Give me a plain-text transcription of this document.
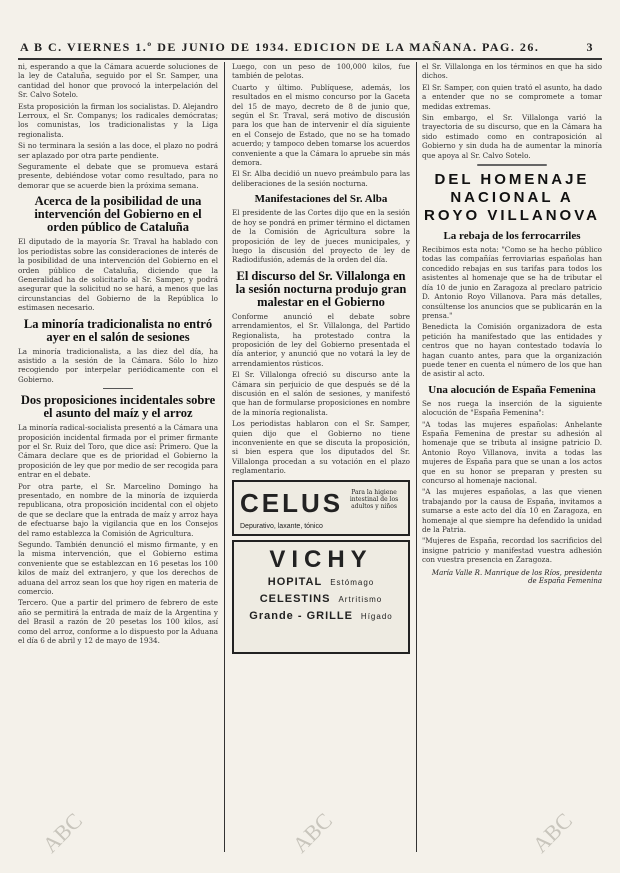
A B C. VIERNES 1.º DE JUNIO DE 1934. EDICION DE LA MAÑANA. PAG. 26.	3

ni, esperando a que la Cámara acuerde soluciones de la ley de Cataluña, seguido por el Sr. Samper, una cantidad del honor que provocó la interpelación del Sr. Calvo Sotelo.

Esta proposición la firman los socialistas. D. Alejandro Lerroux, el Sr. Companys; los radicales demócratas; los comunistas, los tradicionalistas y la Liga regionalista.

Si no terminara la sesión a las doce, el plazo no podrá ser aplazado por otra parte pendiente.

Seguramente el debate que se promueva estará presente, debiéndose votar como resultado, para no demorar que se acuerde bien la próxima semana.

Acerca de la posibilidad de una intervención del Gobierno en el orden público de Cataluña

El diputado de la mayoría Sr. Traval ha hablado con los periodistas sobre las consideraciones de interés de la posibilidad de una intervención del Gobierno en el orden público de Cataluña, diciendo que la Generalidad ha de solicitarlo al Sr. Samper, y podrá asegurar que la solicitud no se hará, a menos que las circunstancias del Gobierno de la República lo estimasen necesario.

La minoría tradicionalista no entró ayer en el salón de sesiones

La minoría tradicionalista, a las diez del día, ha asistido a la sesión de la Cámara. Sólo lo hizo recogiendo por interpelar periódicamente con el Gobierno.

Dos proposiciones incidentales sobre el asunto del maíz y el arroz

La minoría radical-socialista presentó a la Cámara una proposición incidental firmada por el primer firmante por el Sr. Ruiz del Toro, que dice así: Primero. Que la Cámara declare que es de prioridad el Gobierno la proposición de ley que por medio de ser recogida para entrar en el debate.

Por otra parte, el Sr. Marcelino Domingo ha presentado, en nombre de la minoría de izquierda republicana, otra proposición incidental con el objeto de que se declare que la entrada de maíz y arroz haya de efectuarse bajo la vigilancia que en los Consejos del ramo establezca la Comisión de Agricultura.

Segundo. También denunció el mismo firmante, y en la misma intervención, que el Gobierno estima conveniente que se establezcan en 16 pesetas los 100 kilos de maíz del extranjero, y que los derechos de aduana del arroz sean los que hoy rigen en materia de comercio.

Tercero. Que a partir del primero de febrero de este año se permitirá la entrada de maíz de la Argentina y del Brasil a razón de 20 pesetas los 100 kilos, así como del arroz, conforme a lo dispuesto por la Aduana el día 6 de abril y 12 de mayo de 1934.

Luego, con un peso de 100,000 kilos, fue también de pelotas.

Cuarto y último. Publíquese, además, los resultados en el mismo concurso por la Gaceta del 15 de mayo, decreto de 8 de junio que, según el Sr. Traval, será motivo de discusión para los que han de intervenir el día siguiente en el Consejo de Estado, que no se ha tomado acuerdo; y tampoco deben tomarse los acuerdos conveniente a que la Cámara lo apruebe sin más demora.

El Sr. Alba decidió un nuevo preámbulo para las deliberaciones de la sesión nocturna.

Manifestaciones del Sr. Alba

El presidente de las Cortes dijo que en la sesión de hoy se pondrá en primer término el dictamen de la Comisión de Agricultura sobre la proposición de ley de jueces municipales, y luego la discusión del proyecto de ley de Radiodifusión, además de la orden del día.

El discurso del Sr. Villalonga en la sesión nocturna produjo gran malestar en el Gobierno

Conforme anunció el debate sobre arrendamientos, el Sr. Villalonga, del Partido Regionalista, ha protestado contra la proposición de ley del Gobierno presentada el día anterior, y anunció que no votará la ley de arrendamientos rústicos.

El Sr. Villalonga ofreció su discurso ante la Cámara sin perjuicio de que después se dé la discusión en el salón de sesiones, y manifestó que han de formularse proposiciones en nombre de la minoría regionalista.

Los periodistas hablaron con el Sr. Samper, quien dijo que el Gobierno no tiene inconveniente en que se discuta la proposición, si bien espera que los diputados del Sr. Villalonga procedan a su votación en el plazo reglamentario.

CELUS	Para la higiene intestinal de los adultos y niños
Depurativo, laxante, tónico
VICHY
HOPITAL Estómago
CELESTINS Artritismo
Grande - GRILLE Hígado

el Sr. Villalonga en los términos en que ha sido dichos.

El Sr. Samper, con quien trató el asunto, ha dado a entender que no se compromete a tomar medidas extremas.

Sin embargo, el Sr. Villalonga varió la trayectoria de su discurso, que en la Cámara ha sido estimado como en contraposición al Gobierno y sin duda ha de aumentar la minoría que apoya al Sr. Calvo Sotelo.

DEL HOMENAJE NACIONAL A ROYO VILLANOVA
La rebaja de los ferrocarriles

Recibimos esta nota: "Como se ha hecho público todas las compañías ferroviarias españolas han concedido rebajas en sus tarifas para todos los asistentes al homenaje que se ha de tributar el día 10 de junio en Zaragoza al preclaro patricio D. Antonio Royo Villanova. Para más detalles, consúltense los anuncios que se publicarán en la prensa."

Benedicta la Comisión organizadora de esta petición ha manifestado que las entidades y centros que no hayan contestado todavía lo hagan cuanto antes, para que la organización puede tener en cuenta el número de los que han de asistir al acto.

Una alocución de España Femenina

Se nos ruega la inserción de la siguiente alocución de "España Femenina":

"A todas las mujeres españolas: Anhelante España Femenina de prestar su adhesión al homenaje que se tributa al insigne patricio D. Antonio Royo Villanova, invita a todas las mujeres de España para que se unan a los actos que en su honor se preparan y presten su concurso al homenaje nacional.

"A las mujeres españolas, a las que vienen trabajando por la causa de España, invitamos a sumarse a este acto del día 10 en Zaragoza, en homenaje al que siempre ha defendido la unidad de la Patria.

"Mujeres de España, recordad los sacrificios del insigne patricio y manifestad vuestra adhesión con vuestra presencia en Zaragoza.

María Valle R. Manrique de los Ríos, presidenta de España Femenina
ABC	ABC	ABC
